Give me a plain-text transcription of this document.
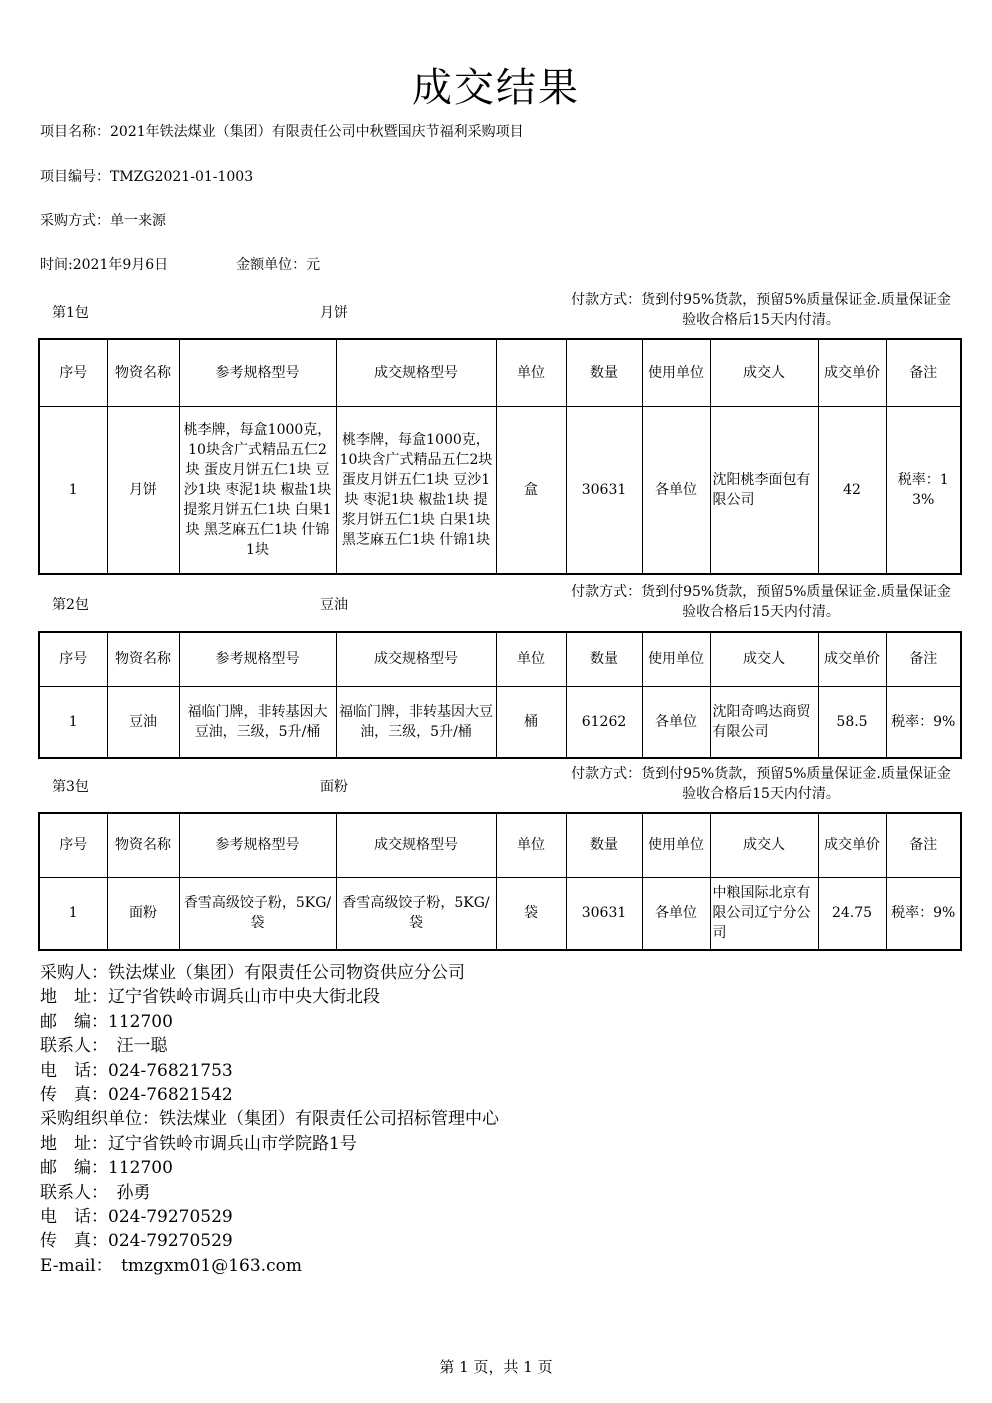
成交结果
项目名称：2021年铁法煤业（集团）有限责任公司中秋暨国庆节福利采购项目
项目编号：TMZG2021-01-1003
采购方式：单一来源
时间:2021年9月6日	金额单位：元
第1包	月饼
付款方式：货到付95%货款，预留5%质量保证金.质量保证金验收合格后15天内付清。
序号	物资名称	参考规格型号	成交规格型号	单位	数量	使用单位	成交人	成交单价	备注
1	月饼	桃李牌，每盒1000克，10块含广式精品五仁2块 蛋皮月饼五仁1块 豆沙1块 枣泥1块 椒盐1块 提浆月饼五仁1块 白果1块 黑芝麻五仁1块 什锦1块	桃李牌，每盒1000克，10块含广式精品五仁2块 蛋皮月饼五仁1块 豆沙1块 枣泥1块 椒盐1块 提浆月饼五仁1块 白果1块 黑芝麻五仁1块 什锦1块	盒	30631	各单位	沈阳桃李面包有限公司	42	税率：13%
第2包	豆油
付款方式：货到付95%货款，预留5%质量保证金.质量保证金验收合格后15天内付清。
序号	物资名称	参考规格型号	成交规格型号	单位	数量	使用单位	成交人	成交单价	备注
1	豆油	福临门牌，非转基因大豆油，三级，5升/桶	福临门牌，非转基因大豆油，三级，5升/桶	桶	61262	各单位	沈阳奇鸣达商贸有限公司	58.5	税率：9%
第3包	面粉
付款方式：货到付95%货款，预留5%质量保证金.质量保证金验收合格后15天内付清。
序号	物资名称	参考规格型号	成交规格型号	单位	数量	使用单位	成交人	成交单价	备注
1	面粉	香雪高级饺子粉，5KG/袋	香雪高级饺子粉，5KG/袋	袋	30631	各单位	中粮国际北京有限公司辽宁分公司	24.75	税率：9%
采购人：铁法煤业（集团）有限责任公司物资供应分公司
地　址：辽宁省铁岭市调兵山市中央大街北段
邮　编：112700
联系人：　汪一聪
电　话：024-76821753
传　真：024-76821542
采购组织单位：铁法煤业（集团）有限责任公司招标管理中心
地　址：辽宁省铁岭市调兵山市学院路1号
邮　编：112700
联系人：　孙勇
电　话：024-79270529
传　真：024-79270529
E-mail：　tmzgxm01@163.com
第 1 页，共 1 页
